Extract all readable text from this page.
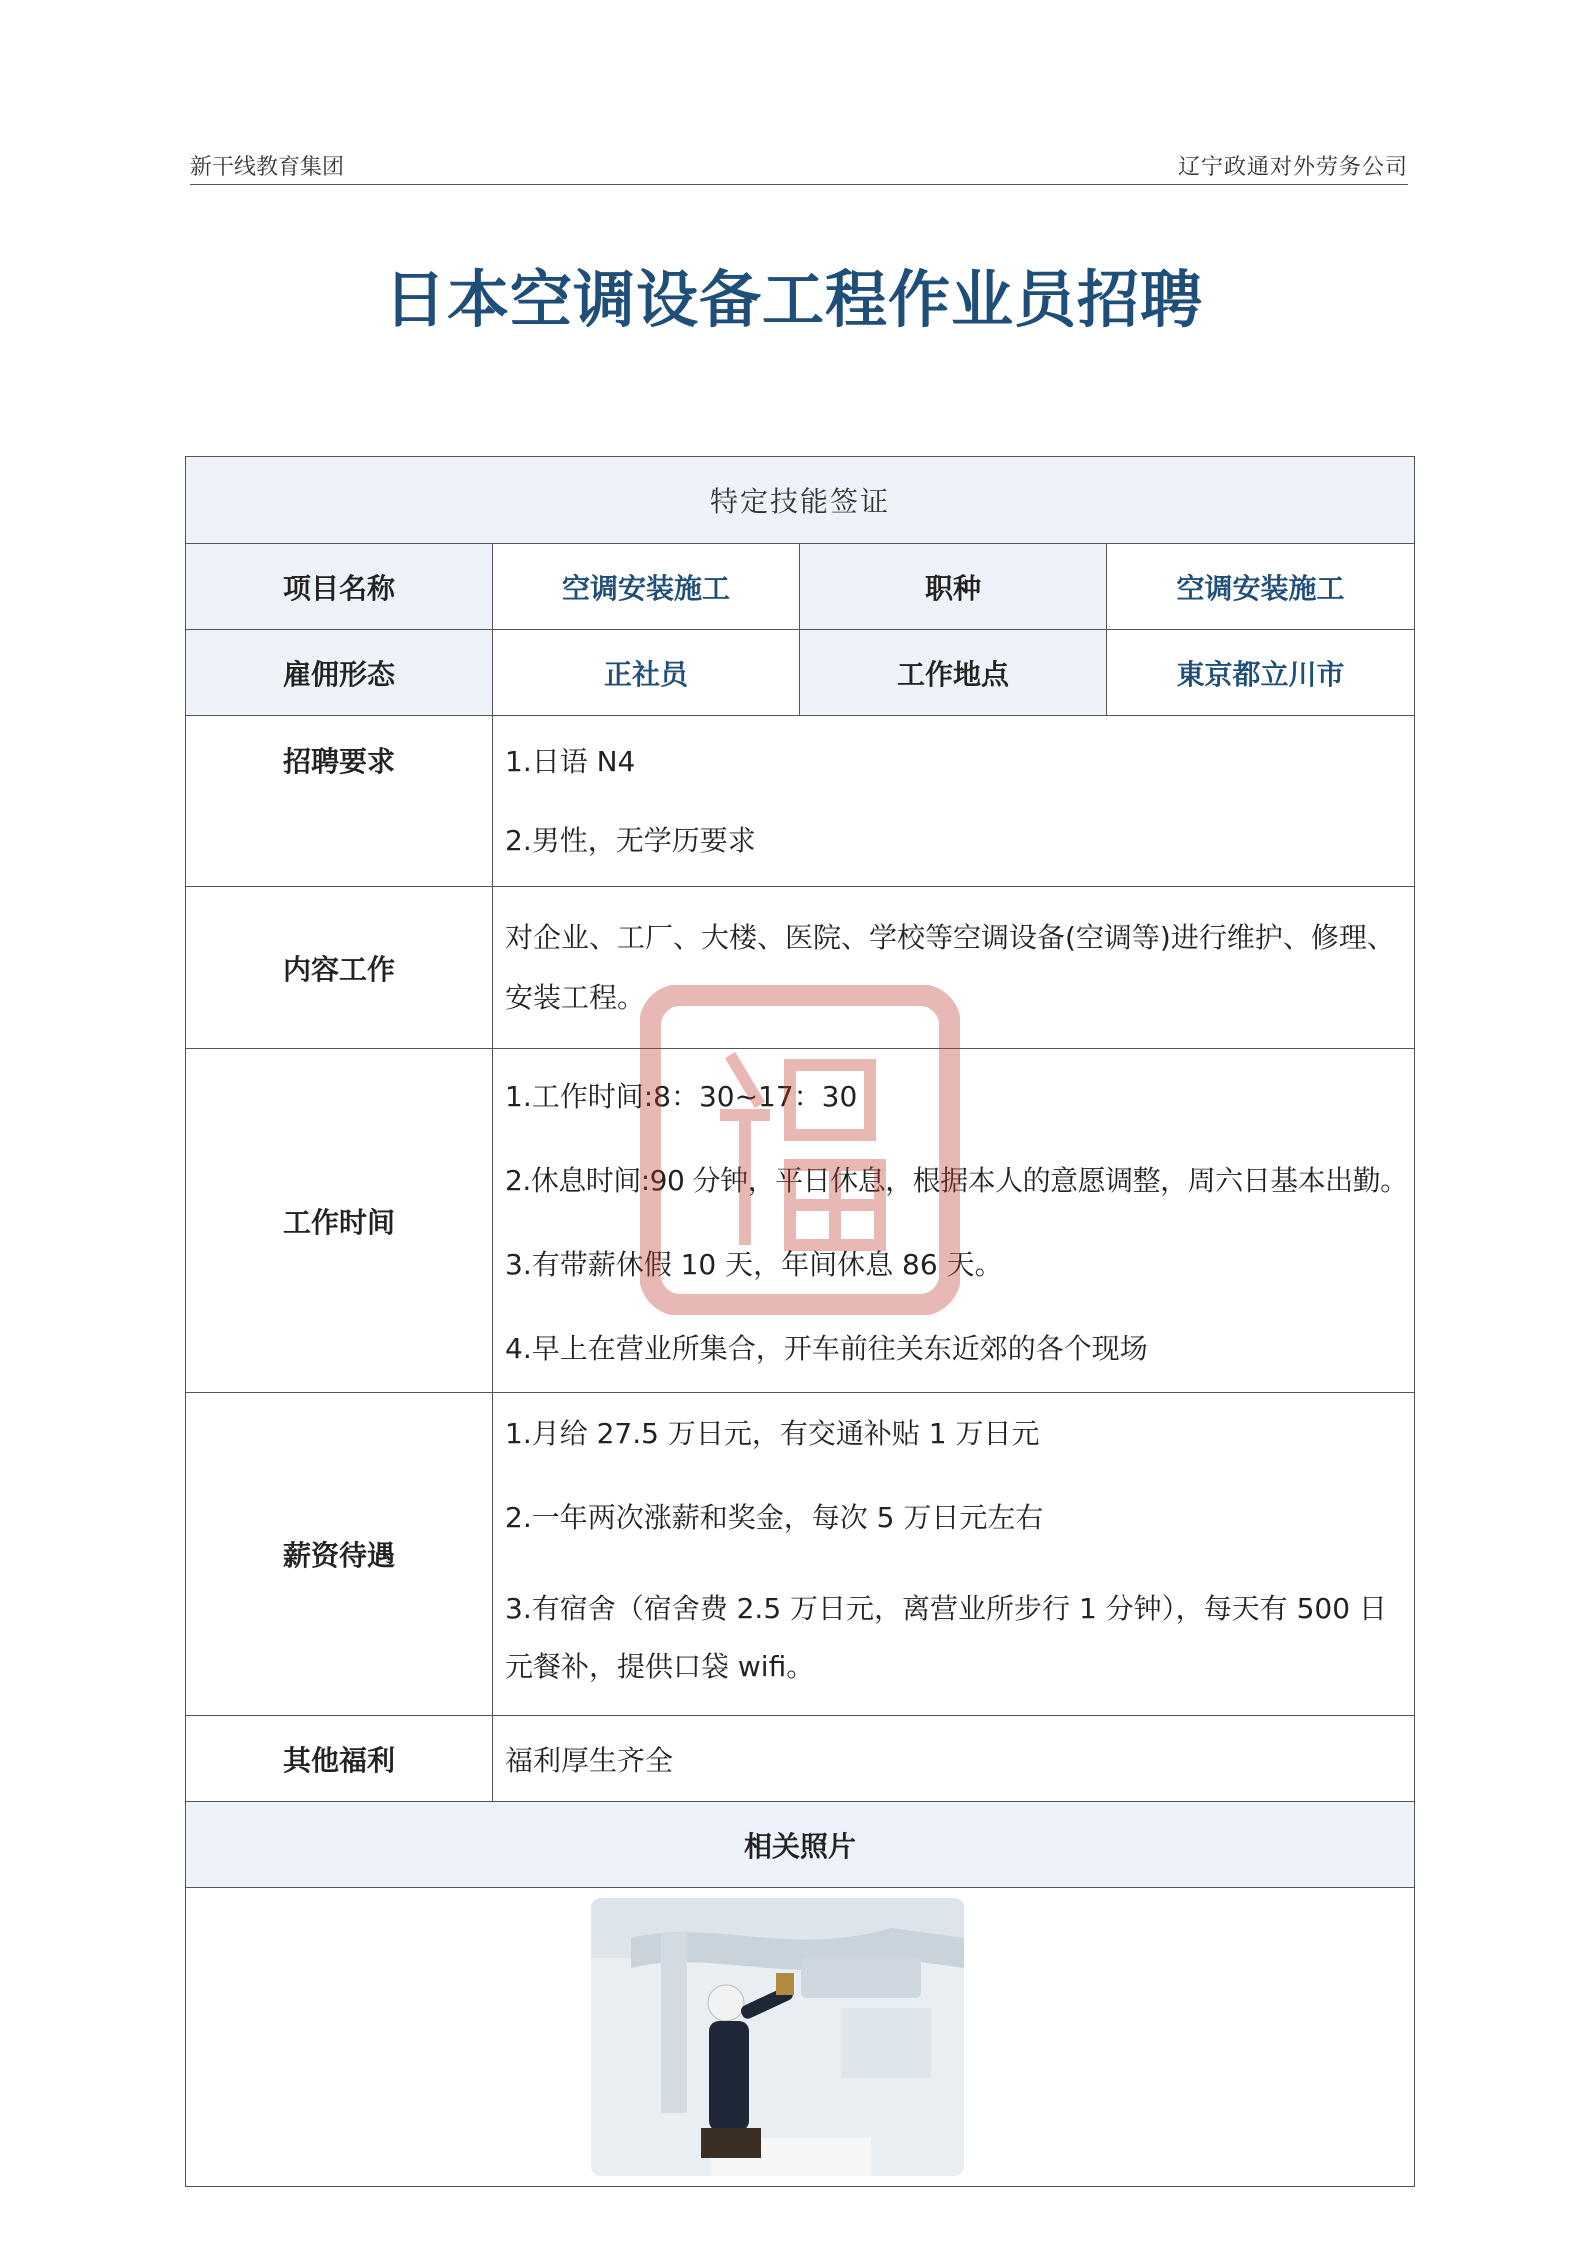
新干线教育集团	辽宁政通对外劳务公司
日本空调设备工程作业员招聘
特定技能签证			
项目名称	空调安装施工	职种	空调安装施工
雇佣形态	正社员	工作地点	東京都立川市
招聘要求	1.日语 N4

2.男性，无学历要求		

内容工作	对企业、工厂、大楼、医院、学校等空调设备(空调等)进行维护、修理、安装工程。		
工作时间	1.工作时间:8：30~17：30

2.休息时间:90 分钟，平日休息，根据本人的意愿调整，周六日基本出勤。

3.有带薪休假 10 天，年间休息 86 天。

4.早上在营业所集合，开车前往关东近郊的各个现场		

薪资待遇	1.月给 27.5 万日元，有交通补贴 1 万日元

2.一年两次涨薪和奖金，每次 5 万日元左右

3.有宿舍（宿舍费 2.5 万日元，离营业所步行 1 分钟），每天有 500 日元餐补，提供口袋 wifi。		

其他福利	福利厚生齐全		
相关照片			
